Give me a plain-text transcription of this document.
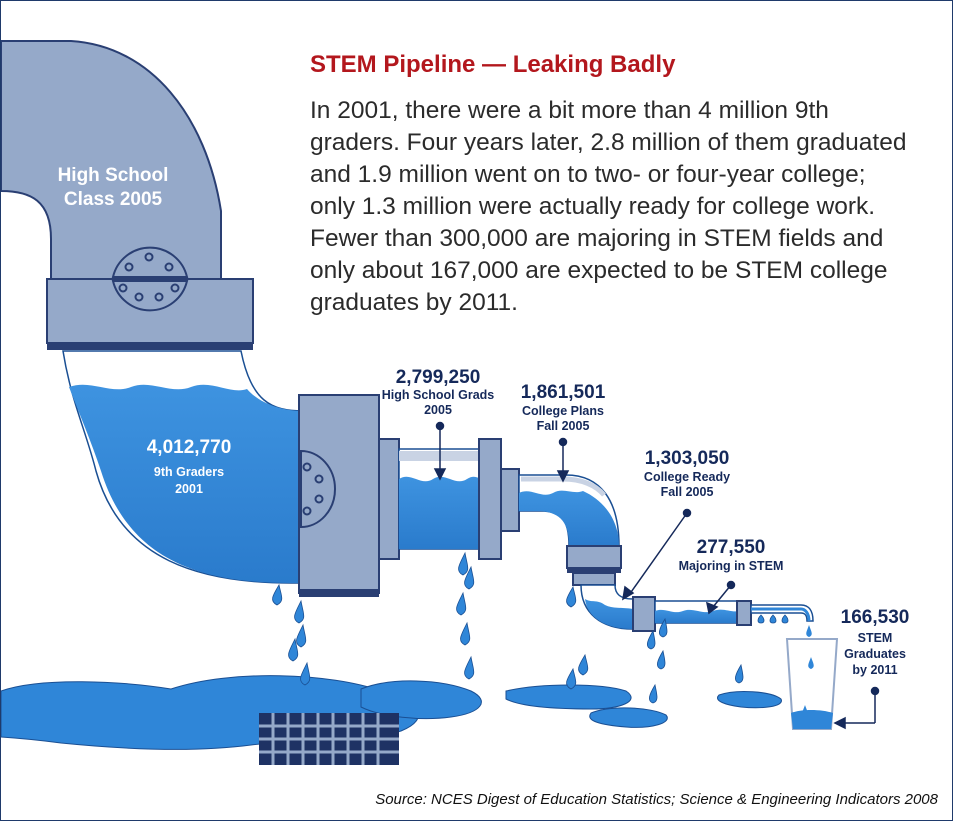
High School
Class 2005
4,012,770
9th Graders
2001
2,799,250
High School Grads
2005
1,861,501
College Plans
Fall 2005
1,303,050
College Ready
Fall 2005
277,550
Majoring in STEM
166,530
STEM
Graduates
by 2011
STEM Pipeline — Leaking Badly
In 2001, there were a bit more than 4 million 9th graders. Four years later, 2.8 million of them graduated and 1.9 million went on to two- or four-year college; only 1.3 million were actually ready for college work. Fewer than 300,000 are majoring in STEM fields and only about 167,000 are expected to be STEM college graduates by 2011.
Source: NCES Digest of Education Statistics; Science & Engineering Indicators 2008
